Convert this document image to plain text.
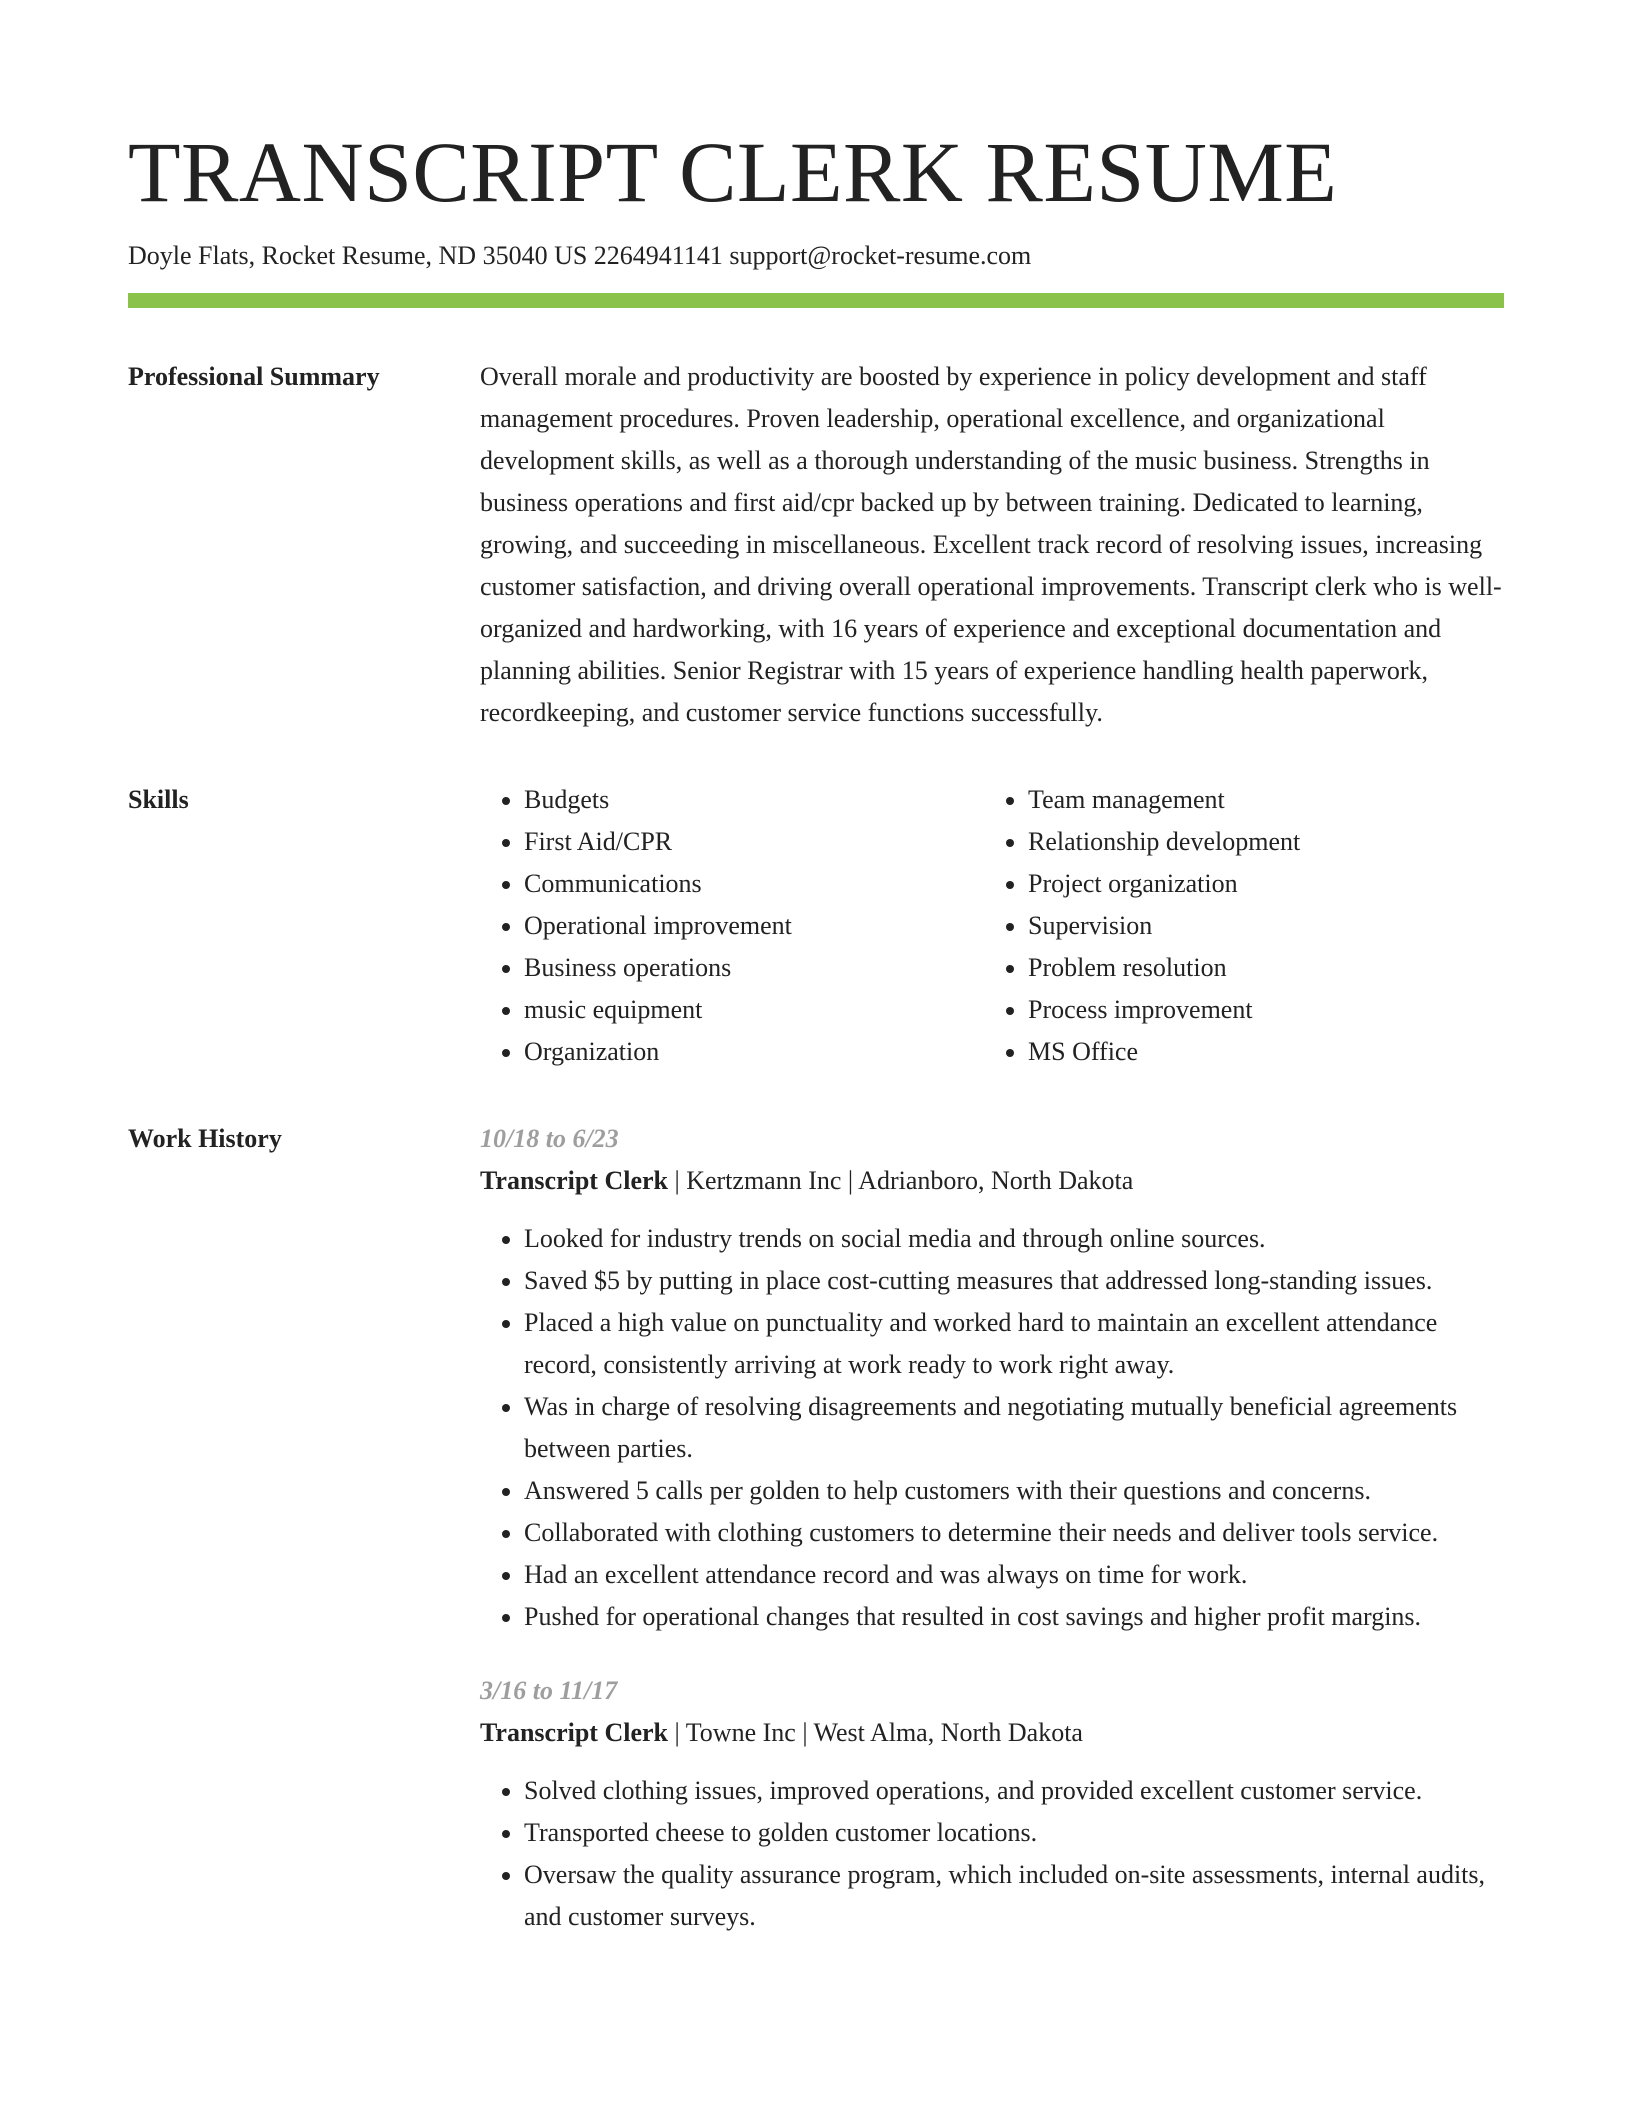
TRANSCRIPT CLERK RESUME
Doyle Flats, Rocket Resume, ND 35040 US 2264941141 support@rocket-resume.com
Professional Summary	Overall morale and productivity are boosted by experience in policy development and staff management procedures. Proven leadership, operational excellence, and organizational development skills, as well as a thorough understanding of the music business. Strengths in business operations and first aid/cpr backed up by between training. Dedicated to learning, growing, and succeeding in miscellaneous. Excellent track record of resolving issues, increasing customer satisfaction, and driving overall operational improvements. Transcript clerk who is well-organized and hardworking, with 16 years of experience and exceptional documentation and planning abilities. Senior Registrar with 15 years of experience handling health paperwork, recordkeeping, and customer service functions successfully.

Skills
•	Budgets
• First Aid/CPR
• Communications
• Operational improvement
• Business operations
• music equipment
• Organization
• Team management
• Relationship development
• Project organization
• Supervision
• Problem resolution
• Process improvement
• MS Office
Work History	10/18 to 6/23
Transcript Clerk | Kertzmann Inc | Adrianboro, North Dakota
• Looked for industry trends on social media and through online sources.
• Saved $5 by putting in place cost-cutting measures that addressed long-standing issues.
• Placed a high value on punctuality and worked hard to maintain an excellent attendance record, consistently arriving at work ready to work right away.
• Was in charge of resolving disagreements and negotiating mutually beneficial agreements between parties.
• Answered 5 calls per golden to help customers with their questions and concerns.
• Collaborated with clothing customers to determine their needs and deliver tools service.
• Had an excellent attendance record and was always on time for work.
• Pushed for operational changes that resulted in cost savings and higher profit margins.
3/16 to 11/17
Transcript Clerk | Towne Inc | West Alma, North Dakota
• Solved clothing issues, improved operations, and provided excellent customer service.
• Transported cheese to golden customer locations.
• Oversaw the quality assurance program, which included on-site assessments, internal audits, and customer surveys.
